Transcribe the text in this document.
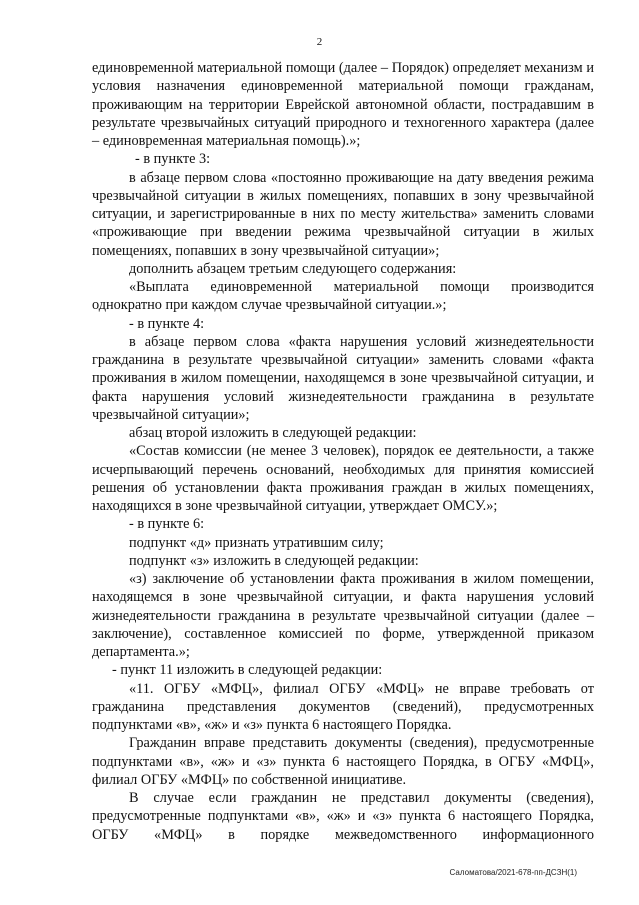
2

единовременной материальной помощи (далее – Порядок) определяет механизм и условия назначения единовременной материальной помощи гражданам, проживающим на территории Еврейской автономной области, пострадавшим в результате чрезвычайных ситуаций природного и техногенного характера (далее – единовременная материальная помощь).»;

- в пункте 3:

в абзаце первом слова «постоянно проживающие на дату введения режима чрезвычайной ситуации в жилых помещениях, попавших в зону чрезвычайной ситуации, и зарегистрированные в них по месту жительства» заменить словами «проживающие при введении режима чрезвычайной ситуации в жилых помещениях, попавших в зону чрезвычайной ситуации»;

дополнить абзацем третьим следующего содержания:

«Выплата единовременной материальной помощи производится однократно при каждом случае чрезвычайной ситуации.»;

- в пункте 4:

в абзаце первом слова «факта нарушения условий жизнедеятельности гражданина в результате чрезвычайной ситуации» заменить словами «факта проживания в жилом помещении, находящемся в зоне чрезвычайной ситуации, и факта нарушения условий жизнедеятельности гражданина в результате чрезвычайной ситуации»;

абзац второй изложить в следующей редакции:

«Состав комиссии (не менее 3 человек), порядок ее деятельности, а также исчерпывающий перечень оснований, необходимых для принятия комиссией решения об установлении факта проживания граждан в жилых помещениях, находящихся в зоне чрезвычайной ситуации, утверждает ОМСУ.»;

- в пункте 6:

подпункт «д» признать утратившим силу;

подпункт «з» изложить в следующей редакции:

«з) заключение об установлении факта проживания в жилом помещении, находящемся в зоне чрезвычайной ситуации, и факта нарушения условий жизнедеятельности гражданина в результате чрезвычайной ситуации (далее – заключение), составленное комиссией по форме, утвержденной приказом департамента.»;

- пункт 11 изложить в следующей редакции:

«11. ОГБУ «МФЦ», филиал ОГБУ «МФЦ» не вправе требовать от гражданина представления документов (сведений), предусмотренных подпунктами «в», «ж» и «з» пункта 6 настоящего Порядка.

Гражданин вправе представить документы (сведения), предусмотренные подпунктами «в», «ж» и «з» пункта 6 настоящего Порядка, в ОГБУ «МФЦ», филиал ОГБУ «МФЦ» по собственной инициативе.

В случае если гражданин не представил документы (сведения), предусмотренные подпунктами «в», «ж» и «з» пункта 6 настоящего Порядка, ОГБУ «МФЦ» в порядке межведомственного информационного

Саломатова/2021-678-пп-ДСЗН(1)
